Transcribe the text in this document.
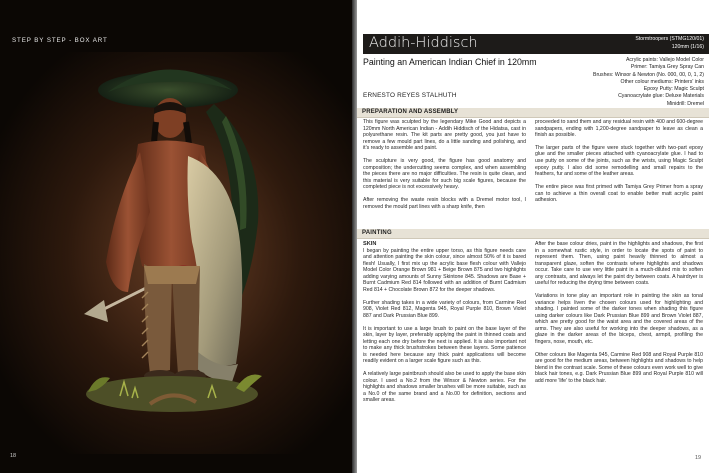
STEP BY STEP - BOX ART
18
Addih-Hiddisch	Stormtroopers (STMG120/01)
120mm (1/16)
Painting an American Indian Chief in 120mm
ERNESTO REYES STALHUTH
Acrylic paints: Vallejo Model Color
Primer: Tamiya Grey Spray Can
Brushes: Winsor & Newton (No. 000, 00, 0, 1, 2)
Other colour mediums: Printers' inks
Epoxy Putty: Magic Sculpt
Cyanoacrylate glue: Deluxe Materials
Minidrill: Dremel
PREPARATION AND ASSEMBLY

This figure was sculpted by the legendary Mike Good and depicts a 120mm North American Indian - Addih Hiddisch of the Hidatsa, cast in polyurethane resin. The kit parts are pretty good, you just have to remove a few mould part lines, do a little sanding and polishing, and it's ready to assemble and paint.

The sculpture is very good, the figure has good anatomy and composition; the undercutting seems complex, and when assembling the pieces there are no major difficulties. The resin is quite clean, and this material is very suitable for such big scale figures, because the completed piece is not excessively heavy.

After removing the waste resin blocks with a Dremel motor tool, I removed the mould part lines with a sharp knife, then

proceeded to sand them and any residual resin with 400 and 600-degree sandpapers, ending with 1,200-degree sandpaper to leave as clean a finish as possible.

The larger parts of the figure were stuck together with two-part epoxy glue and the smaller pieces attached with cyanoacrylate glue. I had to use putty on some of the joints, such as the wrists, using Magic Sculpt epoxy putty. I also did some remodelling and small repairs to the feathers, fur and some of the leather areas.

The entire piece was first primed with Tamiya Grey Primer from a spray can to achieve a thin overall coat to enable better matt acrylic paint adhesion.

PAINTING
SKIN

I began by painting the entire upper torso, as this figure needs care and attention painting the skin colour, since almost 50% of it is bared flesh! Usually, I first mix up the acrylic base flesh colour with Vallejo Model Color Orange Brown 981 + Beige Brown 875 and two highlights adding varying amounts of Sunny Skintone 845. Shadows are Base + Burnt Cadmium Red 814 followed with an addition of Burnt Cadmium Red 814 + Chocolate Brown 872 for the deeper shadows.

Further shading takes in a wide variety of colours, from Carmine Red 908, Violet Red 812, Magenta 945, Royal Purple 810, Brown Violet 887 and Dark Prussian Blue 899.

It is important to use a large brush to paint on the base layer of the skin, layer by layer, preferably applying the paint in thinned coats and letting each one dry before the next is applied. It is also important not to make any thick brushstrokes between these layers. Some patience is needed here because any thick paint applications will become readily evident on a larger scale figure such as this.

A relatively large paintbrush should also be used to apply the base skin colour. I used a No.2 from the Winsor & Newton series. For the highlights and shadows smaller brushes will be more suitable, such as a No.0 of the same brand and a No.00 for definition, sections and smaller areas.

After the base colour dries, paint in the highlights and shadows, the first in a somewhat rustic style, in order to locate the spots of paint to represent them. Then, using paint heavily thinned to almost a transparent glaze, soften the contrasts where highlights and shadows occur. Take care to use very little paint in a much-diluted mix to soften any contrasts, and always let the paint dry between coats. A hairdryer is useful for reducing the drying time between coats.

Variations in tone play an important role in painting the skin as tonal variance helps liven the chosen colours used for highlighting and shading. I painted some of the darker tones when shading this figure using darker colours like Dark Prussian Blue 899 and Brown Violet 887, which are pretty good for the waist area and the covered areas of the arms. They are also useful for working into the deeper shadows, as a glaze in the darker areas of the biceps, chest, armpit, profiling the fingers, nose, mouth, etc.

Other colours like Magenta 945, Carmine Red 908 and Royal Purple 810 are good for the medium areas, between highlights and shadows to help blend in the contrast scale. Some of these colours even work well to give black hair tones, e.g. Dark Prussian Blue 899 and Royal Purple 810 will add more 'life' to the black hair.

19
